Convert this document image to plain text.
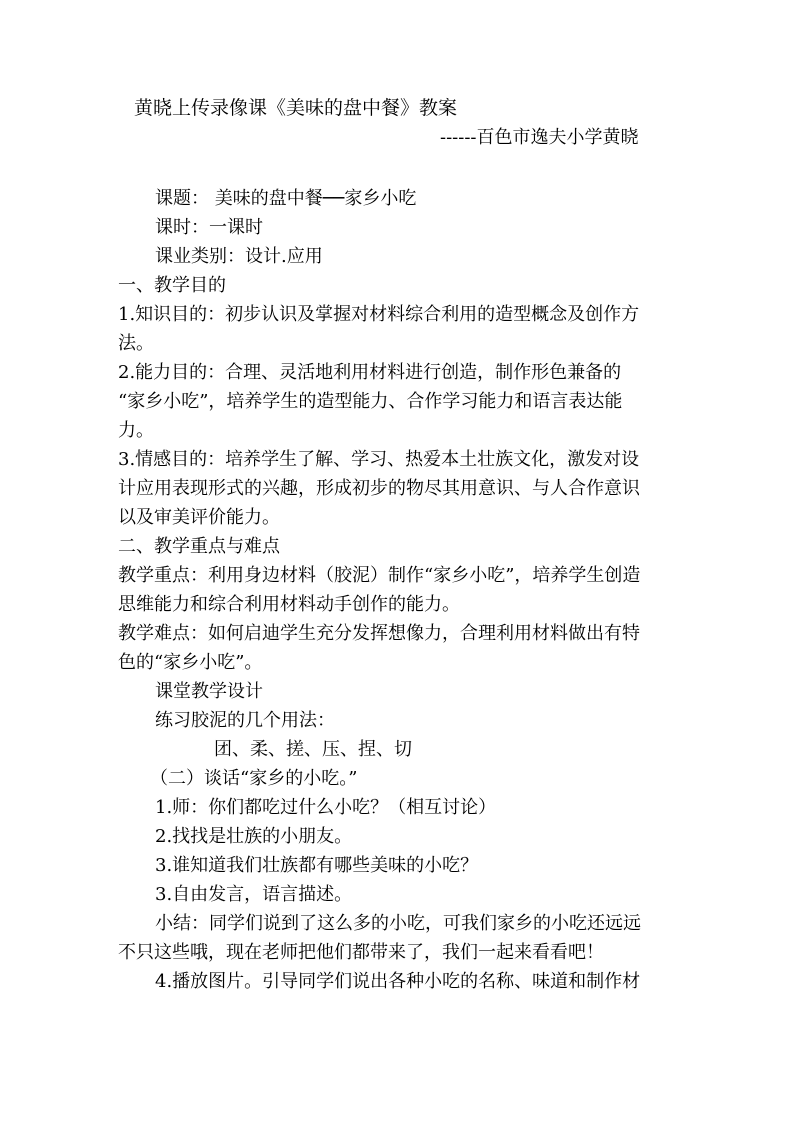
黄晓上传录像课《美味的盘中餐》教案

------百色市逸夫小学黄晓

课题： 美味的盘中餐──家乡小吃

课时：一课时

课业类别：设计.应用

一、教学目的

1.知识目的：初步认识及掌握对材料综合利用的造型概念及创作方

法。

2.能力目的：合理、灵活地利用材料进行创造，制作形色兼备的

“家乡小吃”，培养学生的造型能力、合作学习能力和语言表达能

力。

3.情感目的：培养学生了解、学习、热爱本土壮族文化，激发对设

计应用表现形式的兴趣，形成初步的物尽其用意识、与人合作意识

以及审美评价能力。

二、教学重点与难点

教学重点：利用身边材料（胶泥）制作“家乡小吃”，培养学生创造

思维能力和综合利用材料动手创作的能力。

教学难点：如何启迪学生充分发挥想像力，合理利用材料做出有特

色的“家乡小吃”。

课堂教学设计

练习胶泥的几个用法：

团、柔、搓、压、捏、切

（二）谈话“家乡的小吃。”

1.师：你们都吃过什么小吃？（相互讨论）

2.找找是壮族的小朋友。

3.谁知道我们壮族都有哪些美味的小吃？

3.自由发言，语言描述。

小结：同学们说到了这么多的小吃，可我们家乡的小吃还远远

不只这些哦，现在老师把他们都带来了，我们一起来看看吧！

4.播放图片。引导同学们说出各种小吃的名称、味道和制作材
